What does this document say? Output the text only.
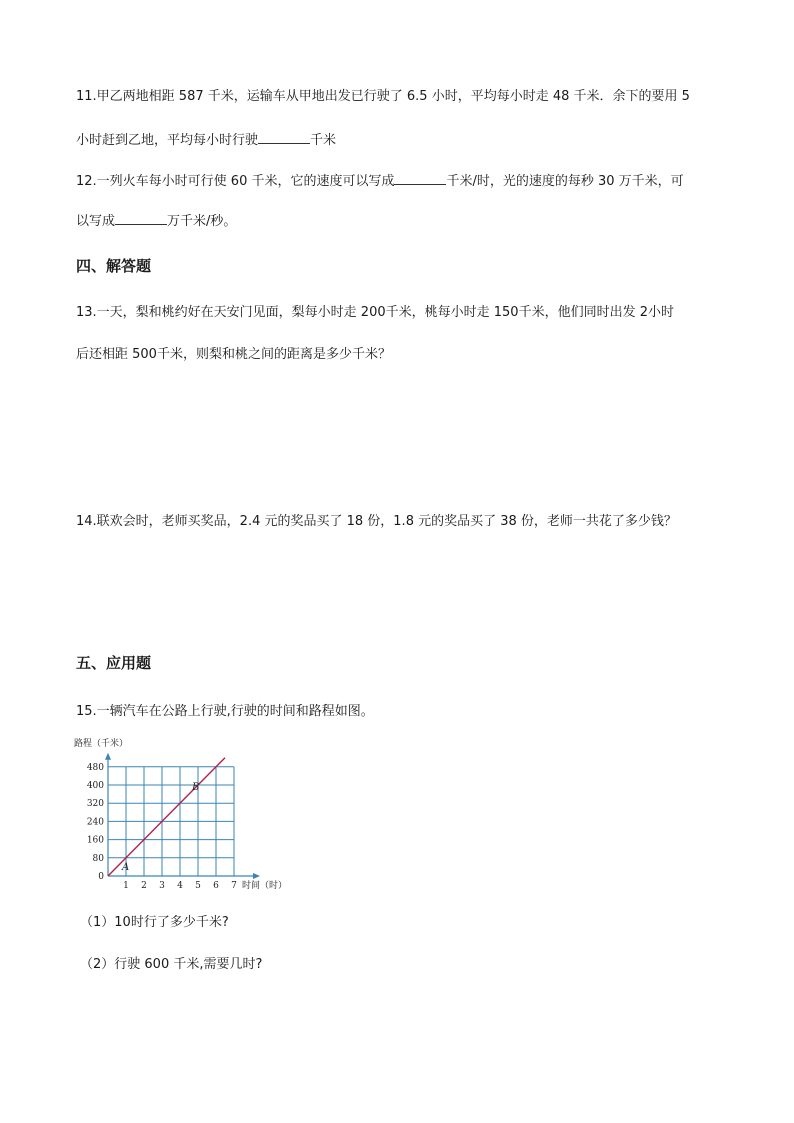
11.甲乙两地相距 587 千米，运输车从甲地出发已行驶了 6.5 小时，平均每小时走 48 千米．余下的要用 5
小时赶到乙地，平均每小时行驶	千米
12.一列火车每小时可行使 60 千米，它的速度可以写成	千米/时，光的速度的每秒 30 万千米，可
以写成	万千米/秒。
四、解答题
13.一天，梨和桃约好在天安门见面，梨每小时走 200千米，桃每小时走 150千米，他们同时出发 2小时
后还相距 500千米，则梨和桃之间的距离是多少千米？
14.联欢会时，老师买奖品，2.4 元的奖品买了 18 份，1.8 元的奖品买了 38 份，老师一共花了多少钱？
五、应用题
15.一辆汽车在公路上行驶,行驶的时间和路程如图。
0
80
160
240
320
400
480
1 2 3 4 5 6 7
路程（千米）
时间（时）
A
B
（1）10时行了多少千米?
（2）行驶 600 千米,需要几时?
